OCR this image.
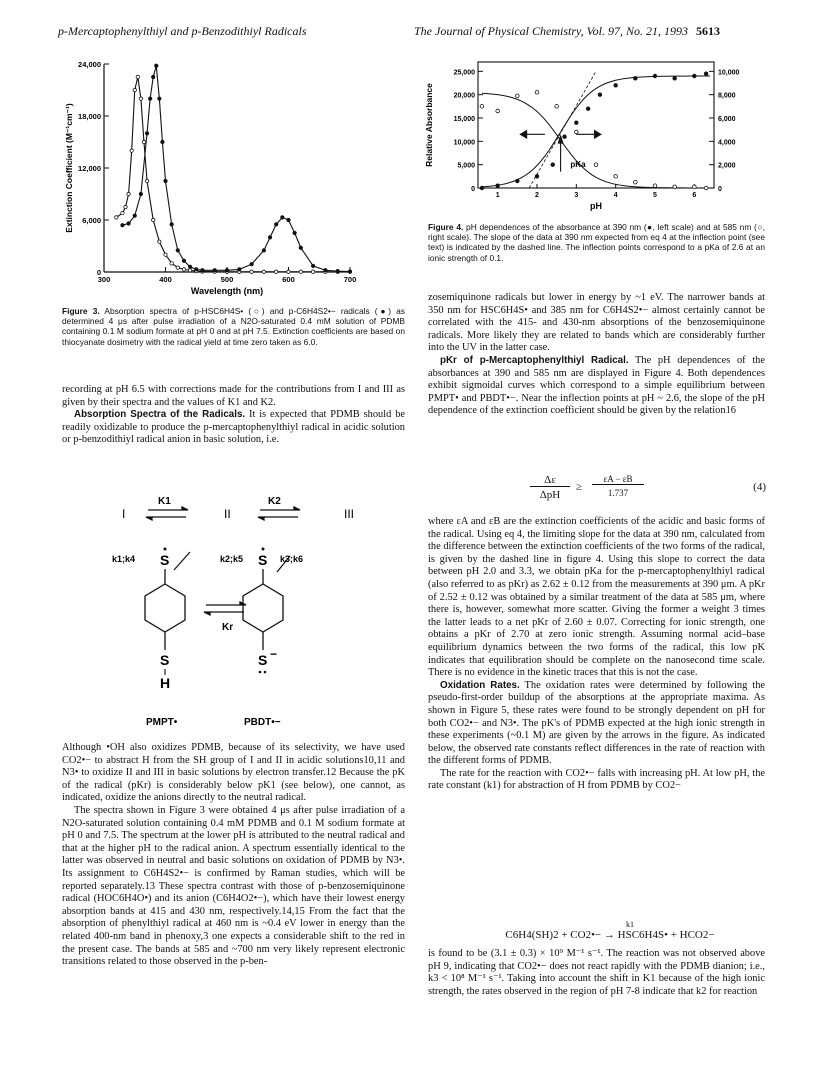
p-Mercaptophenylthiyl and p-Benzodithiyl Radicals	The Journal of Physical Chemistry, Vol. 97, No. 21, 1993 5613
0
6,000
12,000
18,000
24,000
300	400	500	600	700
Wavelength (nm)
Extinction Coefficient (M⁻¹cm⁻¹)
Figure 3. Absorption spectra of p-HSC6H4S• (○) and p-C6H4S2•− radicals (●) as determined 4 μs after pulse irradiation of a N2O-saturated 0.4 mM solution of PDMB containing 0.1 M sodium formate at pH 0 and at pH 7.5. Extinction coefficients are based on thiocyanate dosimetry with the radical yield at time zero taken as 6.0.

recording at pH 6.5 with corrections made for the contributions from I and III as given by their spectra and the values of K1 and K2.

Absorption Spectra of the Radicals. It is expected that PDMB should be readily oxidizable to produce the p-mercaptophenylthiyl radical in acidic solution or p-benzodithiyl radical anion in basic solution, i.e.

I
K1
II
K2
III
k1;k4 S
S
H
PMPT•
Kr
k2;k5	k3;k6
S
S −
PBDT•−

Although •OH also oxidizes PDMB, because of its selectivity, we have used CO2•− to abstract H from the SH group of I and II in acidic solutions10,11 and N3• to oxidize II and III in basic solutions by electron transfer.12 Because the pK of the radical (pKr) is considerably below pK1 (see below), one cannot, as indicated, oxidize the anions directly to the neutral radical.

The spectra shown in Figure 3 were obtained 4 μs after pulse irradiation of a N2O-saturated solution containing 0.4 mM PDMB and 0.1 M sodium formate at pH 0 and 7.5. The spectrum at the lower pH is attributed to the neutral radical and that at the higher pH to the radical anion. A spectrum essentially identical to the latter was observed in neutral and basic solutions on oxidation of PDMB by N3•. Its assignment to C6H4S2•− is confirmed by Raman studies, which will be reported separately.13 These spectra contrast with those of p-benzosemiquinone radical (HOC6H4O•) and its anion (C6H4O2•−), which have their lowest energy absorption bands at 415 and 430 nm, respectively.14,15 From the fact that the absorption of phenylthiyl radical at 460 nm is ~0.4 eV lower in energy than the related 400-nm band in phenoxy,3 one expects a considerable shift to the red in the present case. The bands at 585 and ~700 nm very likely represent electronic transitions related to those observed in the p-ben-

0
5,000
10,000
15,000
20,000
25,000
0
2,000
4,000
6,000
8,000
10,000
1	2	3	4	5	6
pH
Relative Absorbance	pKa
Figure 4. pH dependences of the absorbance at 390 nm (●, left scale) and at 585 nm (○, right scale). The slope of the data at 390 nm expected from eq 4 at the inflection point (see text) is indicated by the dashed line. The inflection points correspond to a pKa of 2.6 at an ionic strength of 0.1.

zosemiquinone radicals but lower in energy by ~1 eV. The narrower bands at 350 nm for HSC6H4S• and 385 nm for C6H4S2•− almost certainly cannot be correlated with the 415- and 430-nm absorptions of the benzosemiquinone radicals. More likely they are related to bands which are considerably further into the UV in the latter case.

pKr of p-Mercaptophenylthiyl Radical. The pH dependences of the absorbances at 390 and 585 nm are displayed in Figure 4. Both dependences exhibit sigmoidal curves which correspond to a simple equilibrium between PMPT• and PBDT•−. Near the inflection points at pH ~ 2.6, the slope of the pH dependence of the extinction coefficient should be given by the relation16

Δε
ΔpH
≥
εA − εB
1.737	(4)

where εA and εB are the extinction coefficients of the acidic and basic forms of the radical. Using eq 4, the limiting slope for the data at 390 nm, calculated from the difference between the extinction coefficients of the two forms of the radical, is given by the dashed line in figure 4. Using this slope to correct the data between pH 2.0 and 3.3, we obtain pKa for the p-mercaptophenylthiyl radical (also referred to as pKr) as 2.62 ± 0.12 from the measurements at 390 μm. A pKr of 2.52 ± 0.12 was obtained by a similar treatment of the data at 585 μm, where there is, however, somewhat more scatter. Giving the former a weight 3 times the latter leads to a net pKr of 2.60 ± 0.07. Correcting for ionic strength, one obtains a pKr of 2.70 at zero ionic strength. Assuming normal acid–base equilibrium dynamics between the two forms of the radical, this low pK indicates that equilibration should be complete on the nanosecond time scale. There is no evidence in the kinetic traces that this is not the case.

Oxidation Rates. The oxidation rates were determined by following the pseudo-first-order buildup of the absorptions at the appropriate maxima. As shown in Figure 5, these rates were found to be strongly dependent on pH for both CO2•− and N3•. The pK's of PDMB expected at the high ionic strength in these experiments (~0.1 M) are given by the arrows in the figure. As indicated below, the observed rate constants reflect differences in the rate of reaction with the different forms of PDMB.

The rate for the reaction with CO2•− falls with increasing pH. At low pH, the rate constant (k1) for abstraction of H from PDMB by CO2−

k1
C6H4(SH)2 + CO2•− → HSC6H4S• + HCO2−

is found to be (3.1 ± 0.3) × 10⁹ M⁻¹ s⁻¹. The reaction was not observed above pH 9, indicating that CO2•− does not react rapidly with the PDMB dianion; i.e., k3 < 10⁸ M⁻¹ s⁻¹. Taking into account the shift in K1 because of the high ionic strength, the rates observed in the region of pH 7-8 indicate that k2 for reaction
